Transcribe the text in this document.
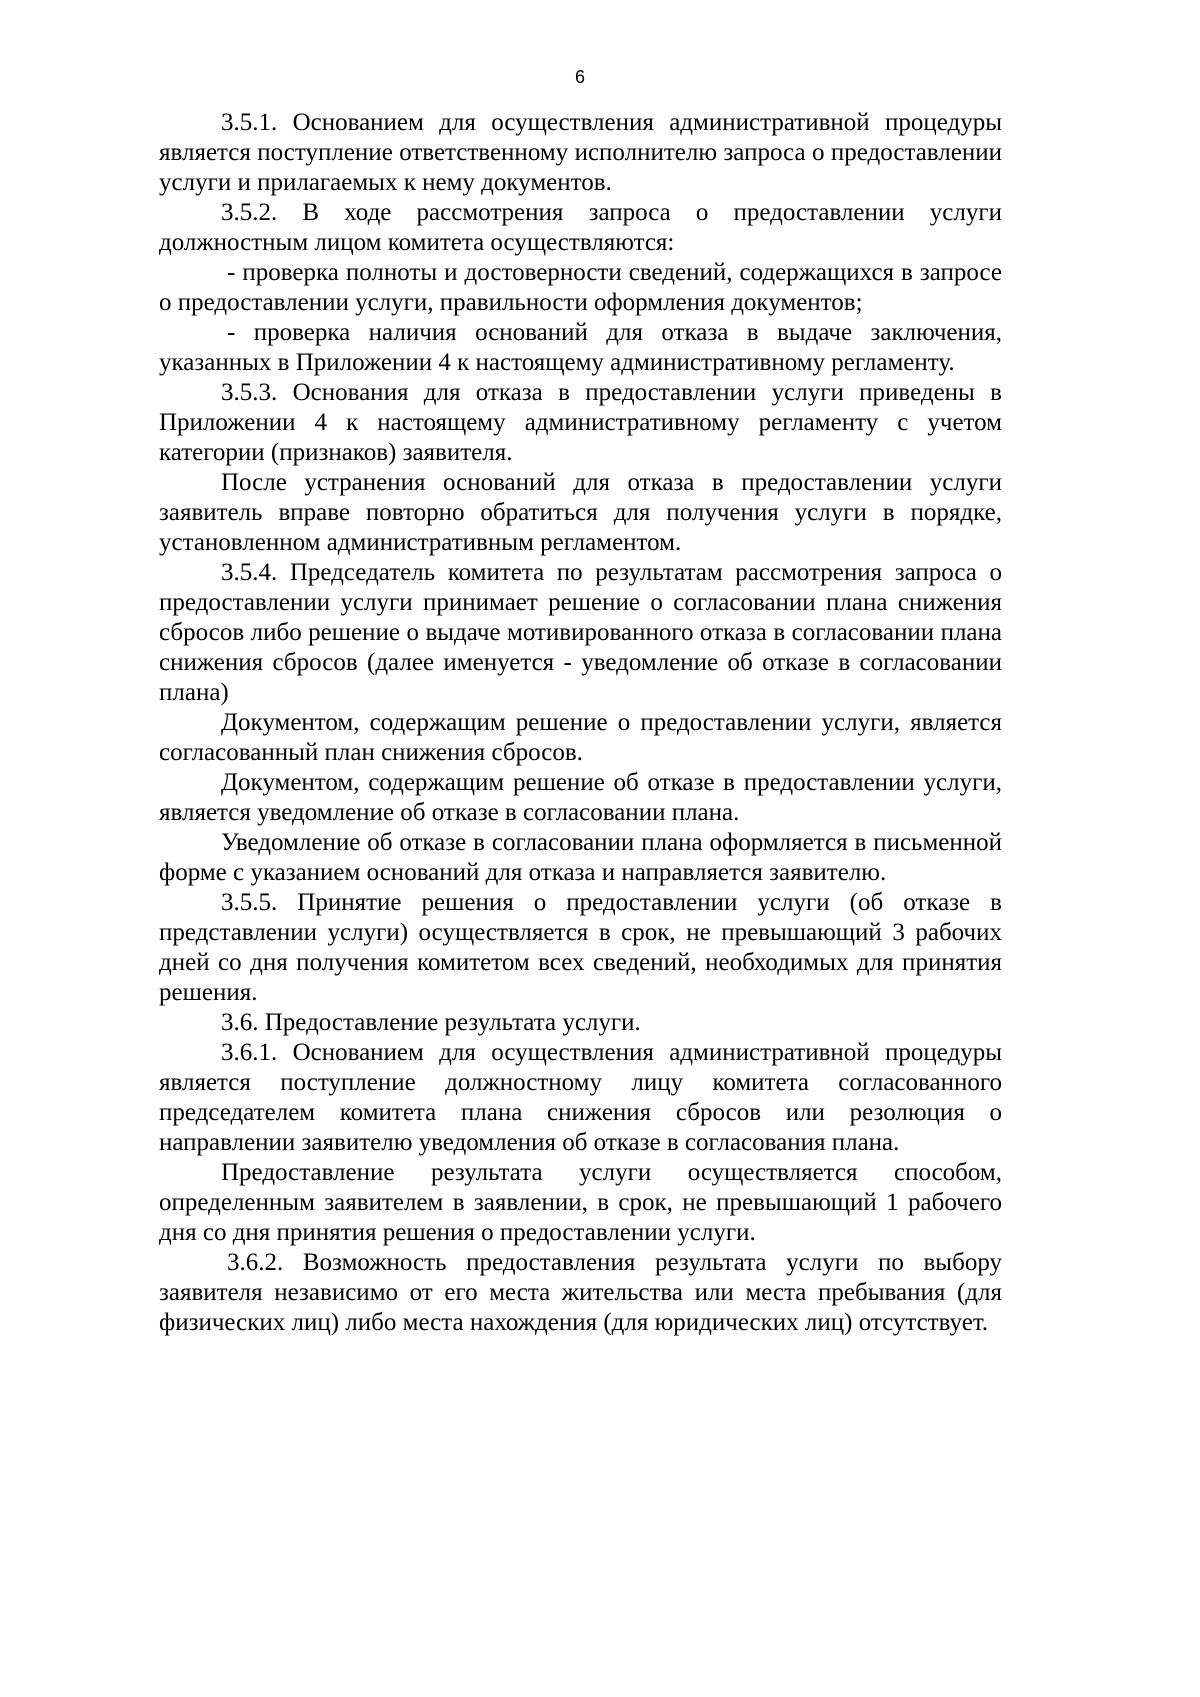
6

3.5.1. Основанием для осуществления административной процедуры является поступление ответственному исполнителю запроса о предоставлении услуги и прилагаемых к нему документов.

3.5.2. В ходе рассмотрения запроса о предоставлении услуги должностным лицом комитета осуществляются:

- проверка полноты и достоверности сведений, содержащихся в запросе о предоставлении услуги, правильности оформления документов;

- проверка наличия оснований для отказа в выдаче заключения, указанных в Приложении 4 к настоящему административному регламенту.

3.5.3. Основания для отказа в предоставлении услуги приведены в Приложении 4 к настоящему административному регламенту с учетом категории (признаков) заявителя.

После устранения оснований для отказа в предоставлении услуги заявитель вправе повторно обратиться для получения услуги в порядке, установленном административным регламентом.

3.5.4. Председатель комитета по результатам рассмотрения запроса о предоставлении услуги принимает решение о согласовании плана снижения сбросов либо решение о выдаче мотивированного отказа в согласовании плана снижения сбросов (далее именуется - уведомление об отказе в согласовании плана)

Документом, содержащим решение о предоставлении услуги, является согласованный план снижения сбросов.

Документом, содержащим решение об отказе в предоставлении услуги, является уведомление об отказе в согласовании плана.

Уведомление об отказе в согласовании плана оформляется в письменной форме с указанием оснований для отказа и направляется заявителю.

3.5.5. Принятие решения о предоставлении услуги (об отказе в представлении услуги) осуществляется в срок, не превышающий 3 рабочих дней со дня получения комитетом всех сведений, необходимых для принятия решения.

3.6. Предоставление результата услуги.

3.6.1. Основанием для осуществления административной процедуры является поступление должностному лицу комитета согласованного председателем комитета плана снижения сбросов или резолюция о направлении заявителю уведомления об отказе в согласования плана.

Предоставление результата услуги осуществляется способом, определенным заявителем в заявлении, в срок, не превышающий 1 рабочего дня со дня принятия решения о предоставлении услуги.

3.6.2. Возможность предоставления результата услуги по выбору заявителя независимо от его места жительства или места пребывания (для физических лиц) либо места нахождения (для юридических лиц) отсутствует.
